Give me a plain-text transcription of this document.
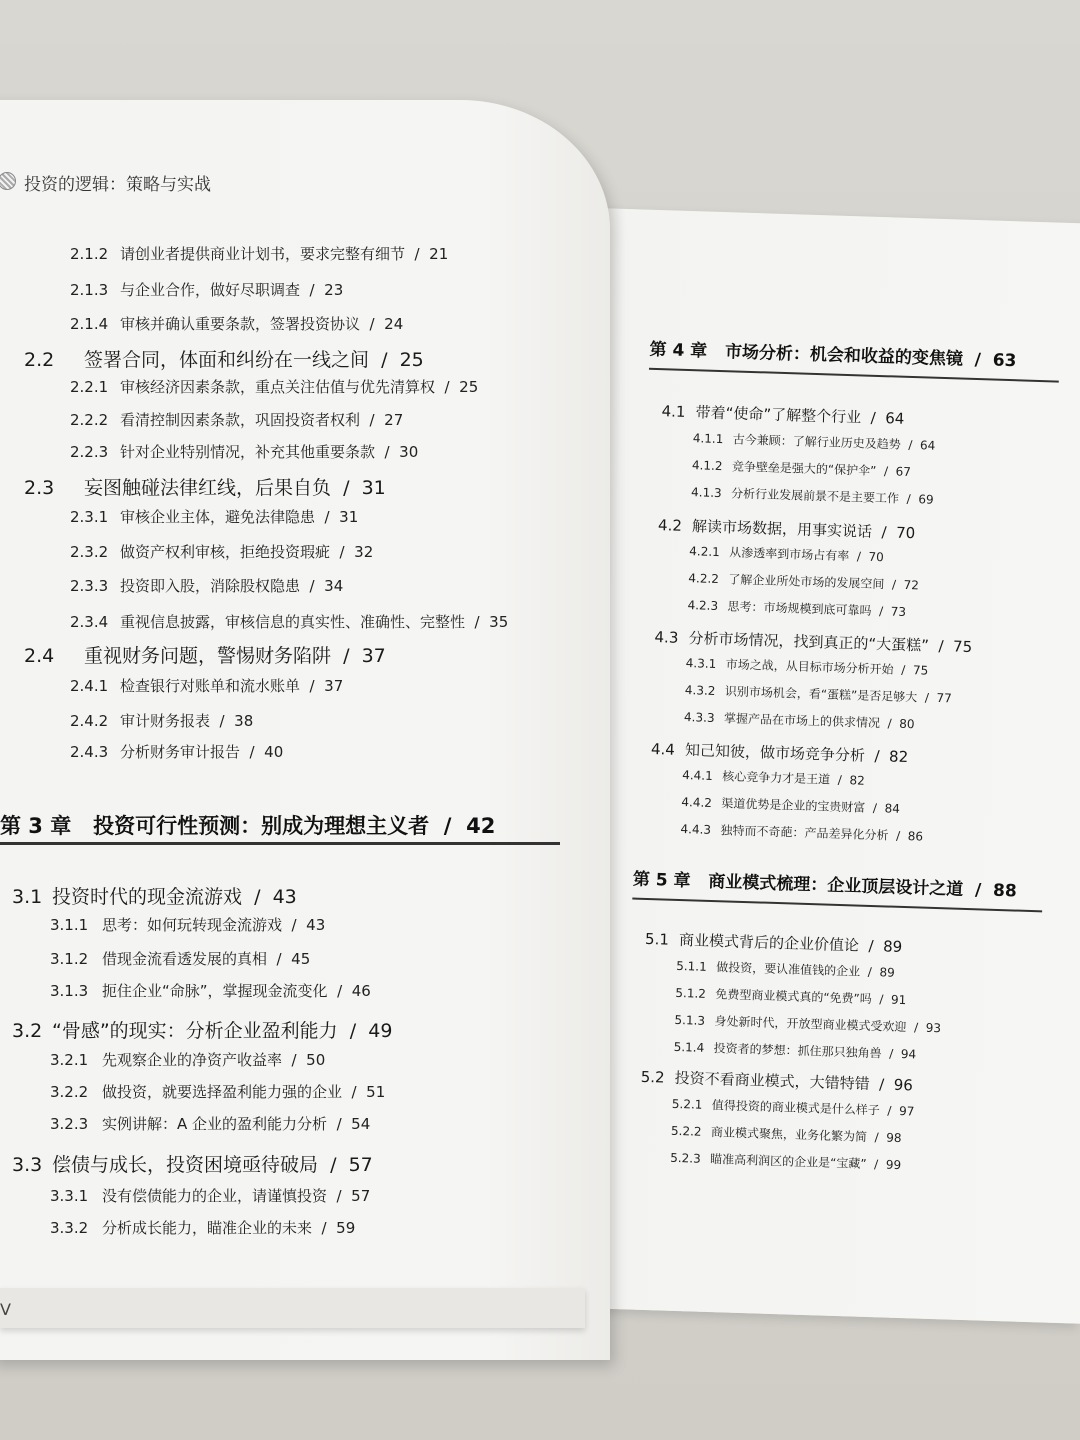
第 4 章 市场分析：机会和收益的变焦镜  /  63
4.1 带着“使命”了解整个行业  /  64
4.1.1 古今兼顾：了解行业历史及趋势  /  64
4.1.2 竞争壁垒是强大的“保护伞”  /  67
4.1.3 分析行业发展前景不是主要工作  /  69
4.2 解读市场数据，用事实说话  /  70
4.2.1 从渗透率到市场占有率  /  70
4.2.2 了解企业所处市场的发展空间  /  72
4.2.3 思考：市场规模到底可靠吗  /  73
4.3 分析市场情况，找到真正的“大蛋糕”  /  75
4.3.1 市场之战，从目标市场分析开始  /  75
4.3.2 识别市场机会，看“蛋糕”是否足够大  /  77
4.3.3 掌握产品在市场上的供求情况  /  80
4.4 知己知彼，做市场竞争分析  /  82
4.4.1 核心竞争力才是王道  /  82
4.4.2 渠道优势是企业的宝贵财富  /  84
4.4.3 独特而不奇葩：产品差异化分析  /  86
第 5 章 商业模式梳理：企业顶层设计之道  /  88
5.1 商业模式背后的企业价值论  /  89
5.1.1 做投资，要认准值钱的企业  /  89
5.1.2 免费型商业模式真的“免费”吗  /  91
5.1.3 身处新时代，开放型商业模式受欢迎  /  93
5.1.4 投资者的梦想：抓住那只独角兽  /  94
5.2 投资不看商业模式，大错特错  /  96
5.2.1 值得投资的商业模式是什么样子  /  97
5.2.2 商业模式聚焦，业务化繁为简  /  98
5.2.3 瞄准高利润区的企业是“宝藏”  /  99
投资的逻辑：策略与实战
V
2.1.2 请创业者提供商业计划书，要求完整有细节  /  21
2.1.3 与企业合作，做好尽职调查  /  23
2.1.4 审核并确认重要条款，签署投资协议  /  24
2.2 签署合同，体面和纠纷在一线之间  /  25
2.2.1 审核经济因素条款，重点关注估值与优先清算权  /  25
2.2.2 看清控制因素条款，巩固投资者权利  /  27
2.2.3 针对企业特别情况，补充其他重要条款  /  30
2.3 妄图触碰法律红线，后果自负  /  31
2.3.1 审核企业主体，避免法律隐患  /  31
2.3.2 做资产权利审核，拒绝投资瑕疵  /  32
2.3.3 投资即入股，消除股权隐患  /  34
2.3.4 重视信息披露，审核信息的真实性、准确性、完整性  /  35
2.4 重视财务问题，警惕财务陷阱  /  37
2.4.1 检查银行对账单和流水账单  /  37
2.4.2 审计财务报表  /  38
2.4.3 分析财务审计报告  /  40
第 3 章 投资可行性预测：别成为理想主义者  /  42
3.1 投资时代的现金流游戏  /  43
3.1.1 思考：如何玩转现金流游戏  /  43
3.1.2 借现金流看透发展的真相  /  45
3.1.3 扼住企业“命脉”，掌握现金流变化  /  46
3.2 “骨感”的现实：分析企业盈利能力  /  49
3.2.1 先观察企业的净资产收益率  /  50
3.2.2 做投资，就要选择盈利能力强的企业  /  51
3.2.3 实例讲解：A 企业的盈利能力分析  /  54
3.3 偿债与成长，投资困境亟待破局  /  57
3.3.1 没有偿债能力的企业，请谨慎投资  /  57
3.3.2 分析成长能力，瞄准企业的未来  /  59
